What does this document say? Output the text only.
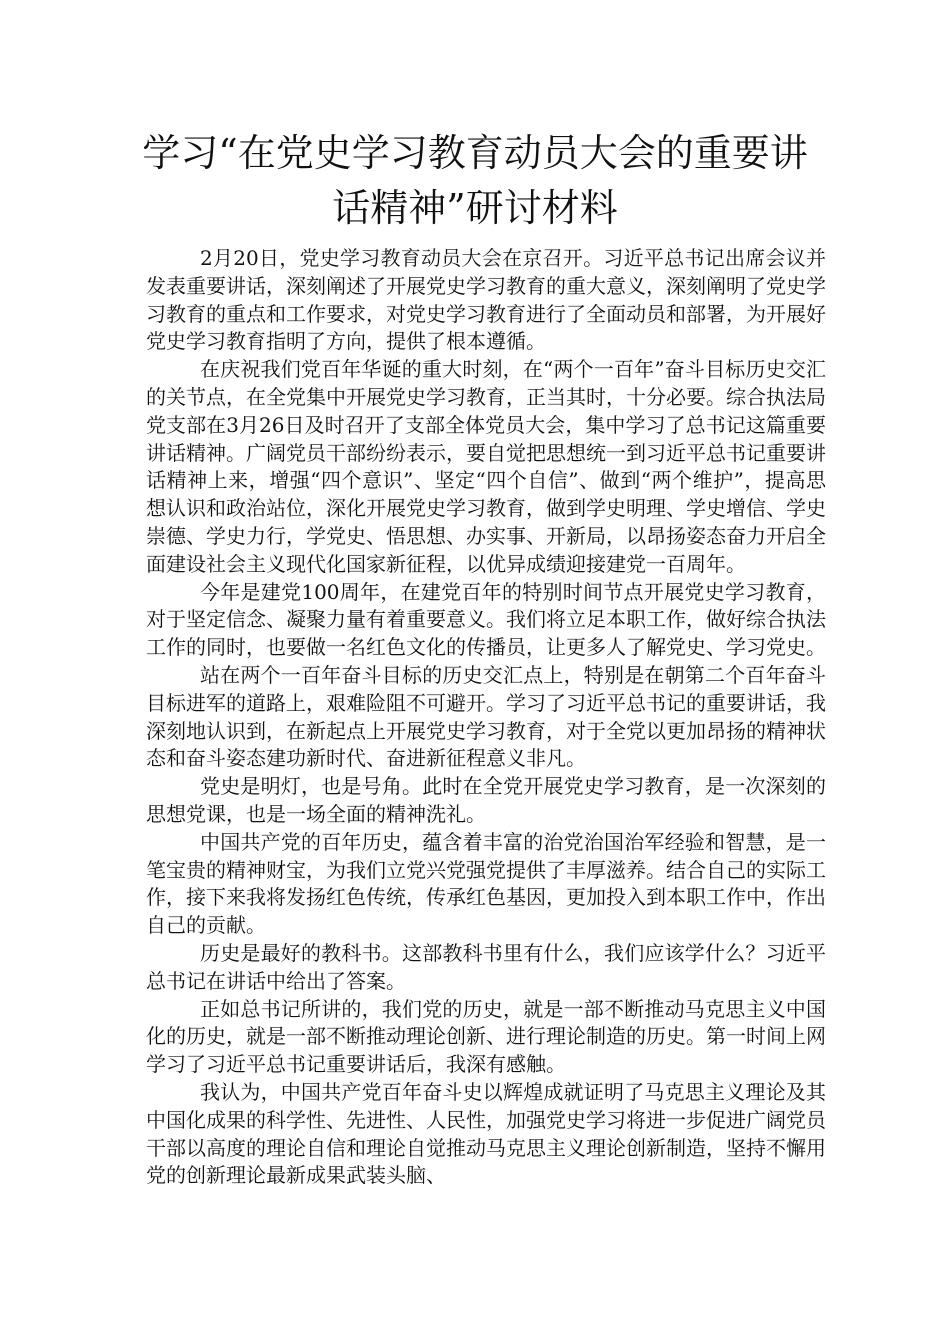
学习“在党史学习教育动员大会的重要讲
话精神”研讨材料

2月20日，党史学习教育动员大会在京召开。习近平总书记出席会议并发表重要讲话，深刻阐述了开展党史学习教育的重大意义，深刻阐明了党史学习教育的重点和工作要求，对党史学习教育进行了全面动员和部署，为开展好党史学习教育指明了方向，提供了根本遵循。

在庆祝我们党百年华诞的重大时刻，在“两个一百年”奋斗目标历史交汇的关节点，在全党集中开展党史学习教育，正当其时，十分必要。综合执法局党支部在3月26日及时召开了支部全体党员大会，集中学习了总书记这篇重要讲话精神。广阔党员干部纷纷表示，要自觉把思想统一到习近平总书记重要讲话精神上来，增强“四个意识”、坚定“四个自信”、做到“两个维护”，提高思想认识和政治站位，深化开展党史学习教育，做到学史明理、学史增信、学史崇德、学史力行，学党史、悟思想、办实事、开新局，以昂扬姿态奋力开启全面建设社会主义现代化国家新征程，以优异成绩迎接建党一百周年。

今年是建党100周年，在建党百年的特别时间节点开展党史学习教育，对于坚定信念、凝聚力量有着重要意义。我们将立足本职工作，做好综合执法工作的同时，也要做一名红色文化的传播员，让更多人了解党史、学习党史。

站在两个一百年奋斗目标的历史交汇点上，特别是在朝第二个百年奋斗目标进军的道路上，艰难险阻不可避开。学习了习近平总书记的重要讲话，我深刻地认识到，在新起点上开展党史学习教育，对于全党以更加昂扬的精神状态和奋斗姿态建功新时代、奋进新征程意义非凡。

党史是明灯，也是号角。此时在全党开展党史学习教育，是一次深刻的思想党课，也是一场全面的精神洗礼。

中国共产党的百年历史，蕴含着丰富的治党治国治军经验和智慧，是一笔宝贵的精神财宝，为我们立党兴党强党提供了丰厚滋养。结合自己的实际工作，接下来我将发扬红色传统，传承红色基因，更加投入到本职工作中，作出自己的贡献。

历史是最好的教科书。这部教科书里有什么，我们应该学什么？习近平总书记在讲话中给出了答案。

正如总书记所讲的，我们党的历史，就是一部不断推动马克思主义中国化的历史，就是一部不断推动理论创新、进行理论制造的历史。第一时间上网学习了习近平总书记重要讲话后，我深有感触。

我认为，中国共产党百年奋斗史以辉煌成就证明了马克思主义理论及其中国化成果的科学性、先进性、人民性，加强党史学习将进一步促进广阔党员干部以高度的理论自信和理论自觉推动马克思主义理论创新制造，坚持不懈用党的创新理论最新成果武装头脑、
